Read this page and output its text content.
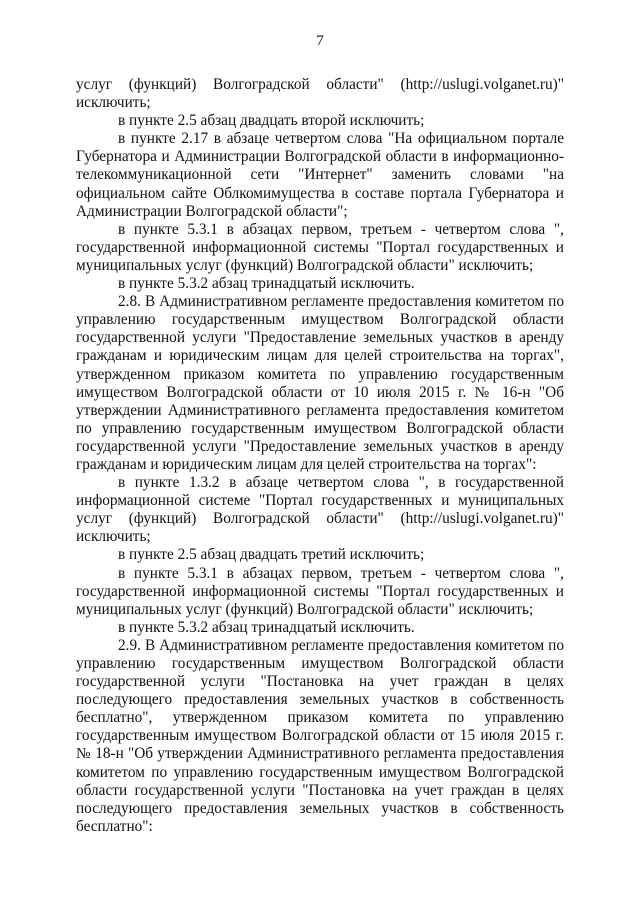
7

услуг (функций) Волгоградской области" (http://uslugi.volganet.ru)" исключить;

в пункте 2.5 абзац двадцать второй исключить;

в пункте 2.17 в абзаце четвертом слова "На официальном портале Губернатора и Администрации Волгоградской области в информационно-телекоммуникационной сети "Интернет" заменить словами "на официальном сайте Облкомимущества в составе портала Губернатора и Администрации Волгоградской области";

в пункте 5.3.1 в абзацах первом, третьем - четвертом слова ", государственной информационной системы "Портал государственных и муниципальных услуг (функций) Волгоградской области" исключить;

в пункте 5.3.2 абзац тринадцатый исключить.

2.8. В Административном регламенте предоставления комитетом по управлению государственным имуществом Волгоградской области государственной услуги "Предоставление земельных участков в аренду гражданам и юридическим лицам для целей строительства на торгах", утвержденном приказом комитета по управлению государственным имуществом Волгоградской области от 10 июля 2015 г. № 16-н "Об утверждении Административного регламента предоставления комитетом по управлению государственным имуществом Волгоградской области государственной услуги "Предоставление земельных участков в аренду гражданам и юридическим лицам для целей строительства на торгах":

в пункте 1.3.2 в абзаце четвертом слова ", в государственной информационной системе "Портал государственных и муниципальных услуг (функций) Волгоградской области" (http://uslugi.volganet.ru)" исключить;

в пункте 2.5 абзац двадцать третий исключить;

в пункте 5.3.1 в абзацах первом, третьем - четвертом слова ", государственной информационной системы "Портал государственных и муниципальных услуг (функций) Волгоградской области" исключить;

в пункте 5.3.2 абзац тринадцатый исключить.

2.9. В Административном регламенте предоставления комитетом по управлению государственным имуществом Волгоградской области государственной услуги "Постановка на учет граждан в целях последующего предоставления земельных участков в собственность бесплатно", утвержденном приказом комитета по управлению государственным имуществом Волгоградской области от 15 июля 2015 г. № 18-н "Об утверждении Административного регламента предоставления комитетом по управлению государственным имуществом Волгоградской области государственной услуги "Постановка на учет граждан в целях последующего предоставления земельных участков в собственность бесплатно":
